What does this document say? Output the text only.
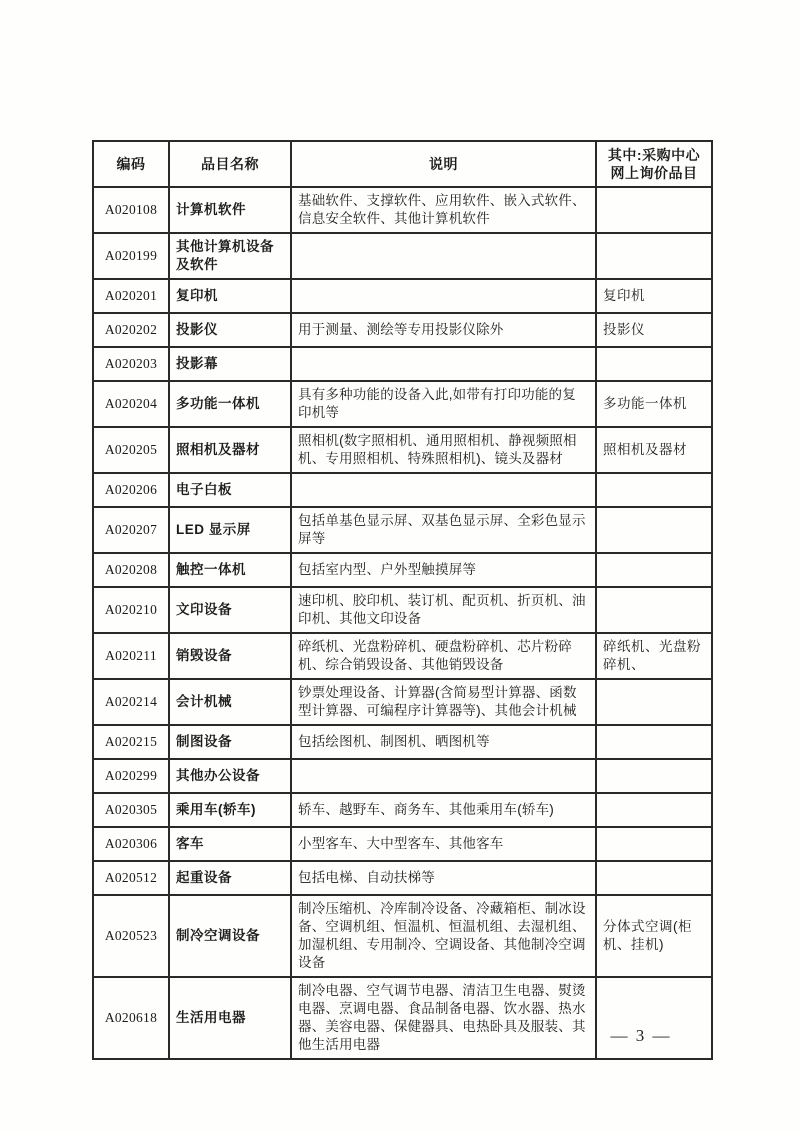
编码	品目名称	说明	其中:采购中心网上询价品目
A020108	计算机软件	基础软件、支撑软件、应用软件、嵌入式软件、信息安全软件、其他计算机软件	
A020199	其他计算机设备及软件		
A020201	复印机		复印机
A020202	投影仪	用于测量、测绘等专用投影仪除外	投影仪
A020203	投影幕		
A020204	多功能一体机	具有多种功能的设备入此,如带有打印功能的复印机等	多功能一体机
A020205	照相机及器材	照相机(数字照相机、通用照相机、静视频照相机、专用照相机、特殊照相机)、镜头及器材	照相机及器材
A020206	电子白板		
A020207	LED 显示屏	包括单基色显示屏、双基色显示屏、全彩色显示屏等	
A020208	触控一体机	包括室内型、户外型触摸屏等	
A020210	文印设备	速印机、胶印机、装订机、配页机、折页机、油印机、其他文印设备	
A020211	销毁设备	碎纸机、光盘粉碎机、硬盘粉碎机、芯片粉碎机、综合销毁设备、其他销毁设备	碎纸机、光盘粉碎机、
A020214	会计机械	钞票处理设备、计算器(含简易型计算器、函数型计算器、可编程序计算器等)、其他会计机械	
A020215	制图设备	包括绘图机、制图机、晒图机等	
A020299	其他办公设备		
A020305	乘用车(轿车)	轿车、越野车、商务车、其他乘用车(轿车)	
A020306	客车	小型客车、大中型客车、其他客车	
A020512	起重设备	包括电梯、自动扶梯等	
A020523	制冷空调设备	制冷压缩机、冷库制冷设备、冷藏箱柜、制冰设备、空调机组、恒温机、恒温机组、去湿机组、加湿机组、专用制冷、空调设备、其他制冷空调设备	分体式空调(柜机、挂机)
A020618	生活用电器	制冷电器、空气调节电器、清洁卫生电器、熨烫电器、烹调电器、食品制备电器、饮水器、热水器、美容电器、保健器具、电热卧具及服装、其他生活用电器		— 3 —
